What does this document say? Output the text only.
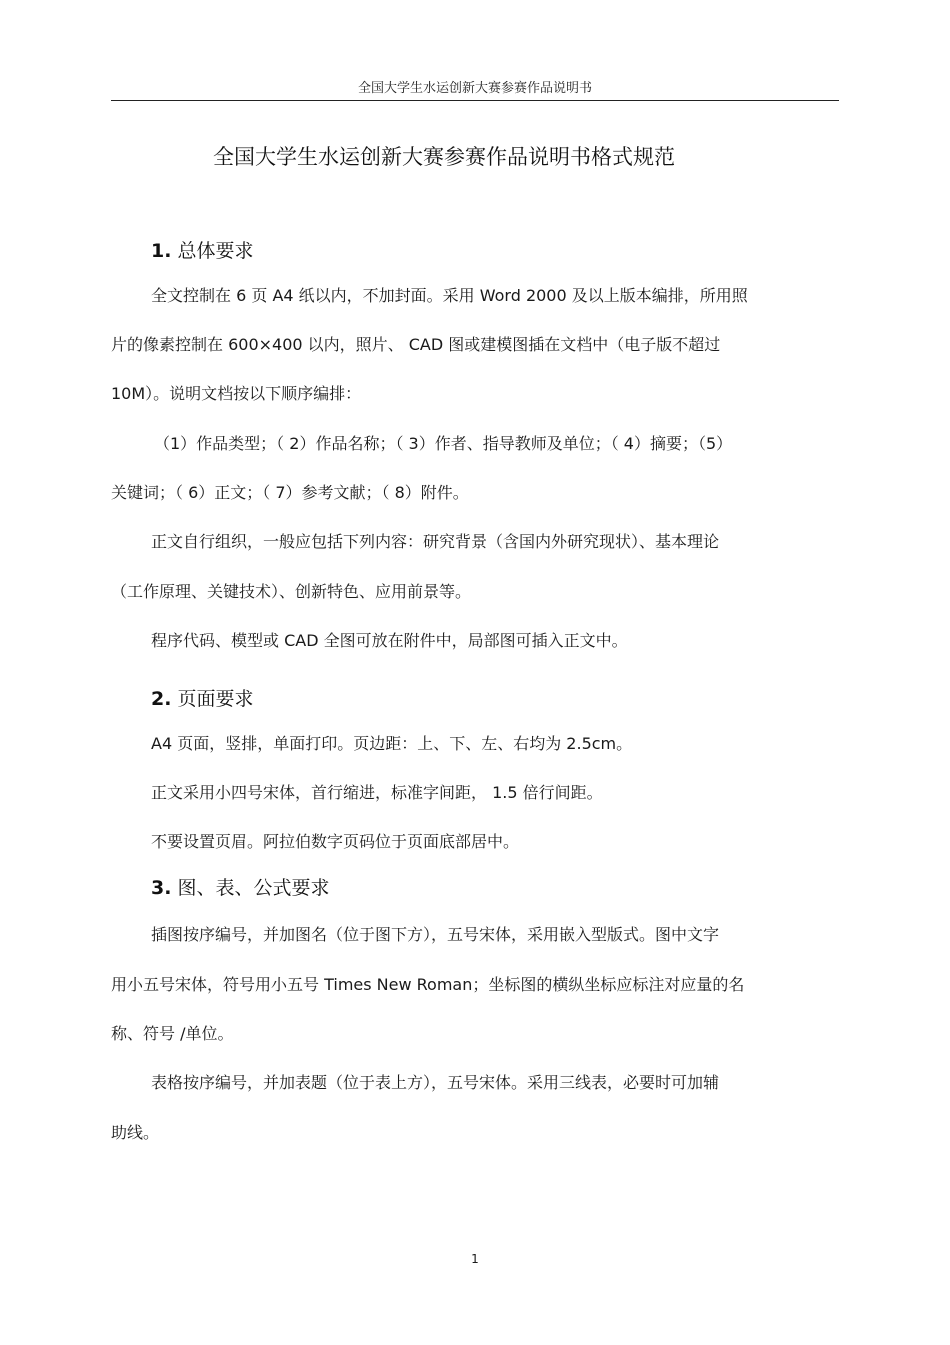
全国大学生水运创新大赛参赛作品说明书
全国大学生水运创新大赛参赛作品说明书格式规范
1. 总体要求
全文控制在 6 页 A4 纸以内，不加封面。采用 Word 2000 及以上版本编排，所用照
片的像素控制在 600×400 以内，照片、 CAD 图或建模图插在文档中（电子版不超过
10M）。说明文档按以下顺序编排：
（1）作品类型；（ 2）作品名称；（ 3）作者、指导教师及单位；（ 4）摘要；（5）
关键词；（ 6）正文；（ 7）参考文献；（ 8）附件。
正文自行组织，一般应包括下列内容：研究背景（含国内外研究现状）、基本理论
（工作原理、关键技术）、创新特色、应用前景等。
程序代码、模型或 CAD 全图可放在附件中，局部图可插入正文中。
2. 页面要求
A4 页面，竖排，单面打印。页边距：上、下、左、右均为 2.5cm。
正文采用小四号宋体，首行缩进，标准字间距， 1.5 倍行间距。
不要设置页眉。阿拉伯数字页码位于页面底部居中。
3. 图、表、公式要求
插图按序编号，并加图名（位于图下方），五号宋体，采用嵌入型版式。图中文字
用小五号宋体，符号用小五号 Times New Roman；坐标图的横纵坐标应标注对应量的名
称、符号 /单位。
表格按序编号，并加表题（位于表上方），五号宋体。采用三线表，必要时可加辅
助线。
1
